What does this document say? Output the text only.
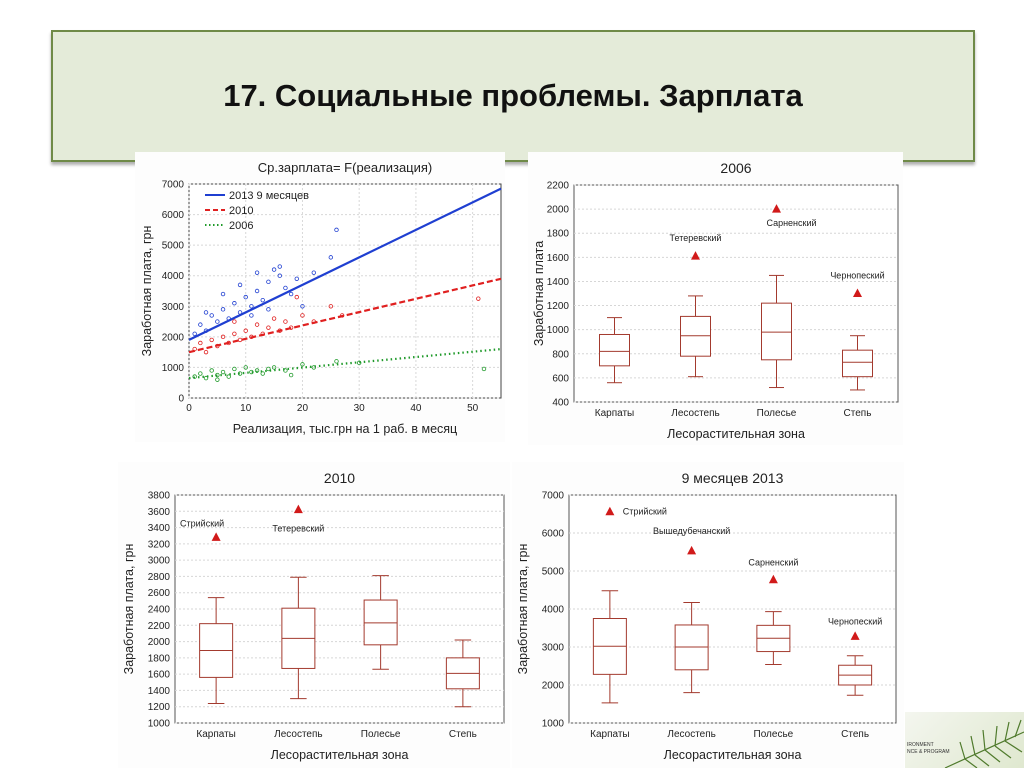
17. Социальные проблемы. Зарплата
0
1000
2000
3000
4000
5000
6000
7000
0	10	20	30	40	50
2013 9 месяцев
2010
2006
Ср.зарплата= F(реализация)
Реализация, тыс.грн на 1 раб. в месяц
Заработная плата, грн
400
600
800
1000
1200
1400
1600
1800
2000
2200
Карпаты	Лесостепь	Полесье	Степь
Тетеревский
Сарненский
Чернопеский
2006
Лесорастительная зона
Заработная плата
1000
1200
1400
1600
1800
2000
2200
2400
2600
2800
3000
3200
3400
3600
3800
Карпаты	Лесостепь	Полесье	Степь
Стрийский
Тетеревский
2010
Лесорастительная зона
Заработная плата, грн
1000
2000
3000
4000
5000
6000
7000
Карпаты	Лесостепь	Полесье	Степь
Стрийский
Вышедубечанский
Сарненский
Чернопеский
9 месяцев 2013
Лесорастительная зона
Заработная плата, грн
IRONMENT
NCE & PROGRAM
